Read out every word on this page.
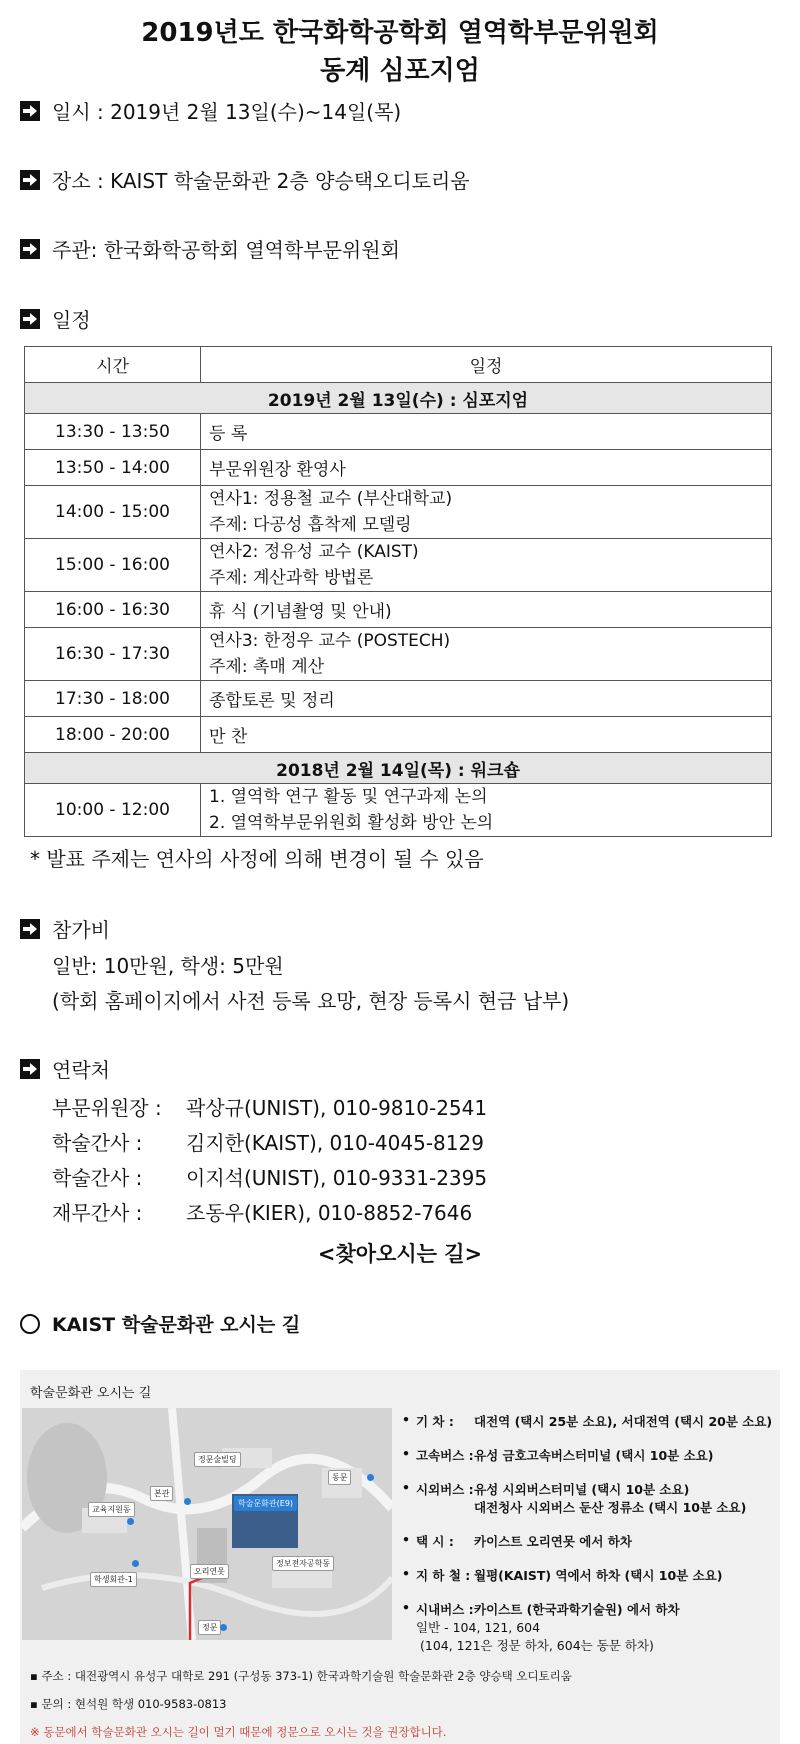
2019년도 한국화학공학회 열역학부문위원회
동계 심포지엄
일시 : 2019년 2월 13일(수)~14일(목)
장소 : KAIST 학술문화관 2층 양승택오디토리움
주관: 한국화학공학회 열역학부문위원회
일정
시간	일정
2019년 2월 13일(수) : 심포지엄	
13:30 - 13:50	등 록
13:50 - 14:00	부문위원장 환영사
14:00 - 15:00	연사1: 정용철 교수 (부산대학교)
주제: 다공성 흡착제 모델링

15:00 - 16:00	연사2: 정유성 교수 (KAIST)
주제: 계산과학 방법론

16:00 - 16:30	휴 식 (기념촬영 및 안내)
16:30 - 17:30	연사3: 한정우 교수 (POSTECH)
주제: 촉매 계산

17:30 - 18:00	종합토론 및 정리
18:00 - 20:00	만 찬
2018년 2월 14일(목) : 워크숍	
10:00 - 12:00	1. 열역학 연구 활동 및 연구과제 논의
2. 열역학부문위원회 활성화 방안 논의
* 발표 주제는 연사의 사정에 의해 변경이 될 수 있음
참가비
일반: 10만원, 학생: 5만원
(학회 홈페이지에서 사전 등록 요망, 현장 등록시 현금 납부)
연락처
부문위원장 :	곽상규(UNIST), 010-9810-2541
학술간사 :	김지한(KAIST), 010-4045-8129
학술간사 :	이지석(UNIST), 010-9331-2395
재무간사 :	조동우(KIER), 010-8852-7646
<찾아오시는 길>
KAIST 학술문화관 오시는 길
학술문화관 오시는 길
정문술빌딩
본관
교육지원동
학술문화관(E9)
동문
오리연못
정보전자공학동
학생회관-1
정문
• 기 차 :	대전역 (택시 25분 소요), 서대전역 (택시 20분 소요)
• 고속버스 : 유성 금호고속버스터미널 (택시 10분 소요)
• 시외버스 : 유성 시외버스터미널 (택시 10분 소요)
대전청사 시외버스 둔산 정류소 (택시 10분 소요)
• 택 시 :	카이스트 오리연못 에서 하차
• 지 하 철 : 월평(KAIST) 역에서 하차 (택시 10분 소요)
• 시내버스 : 카이스트 (한국과학기술원) 에서 하차
일반 - 104, 121, 604
(104, 121은 정문 하차, 604는 동문 하차)
▪ 주소 : 대전광역시 유성구 대학로 291 (구성동 373-1) 한국과학기술원 학술문화관 2층 양승택 오디토리움
▪ 문의 : 현석원 학생 010-9583-0813
※ 동문에서 학술문화관 오시는 길이 멀기 때문에 정문으로 오시는 것을 권장합니다.
